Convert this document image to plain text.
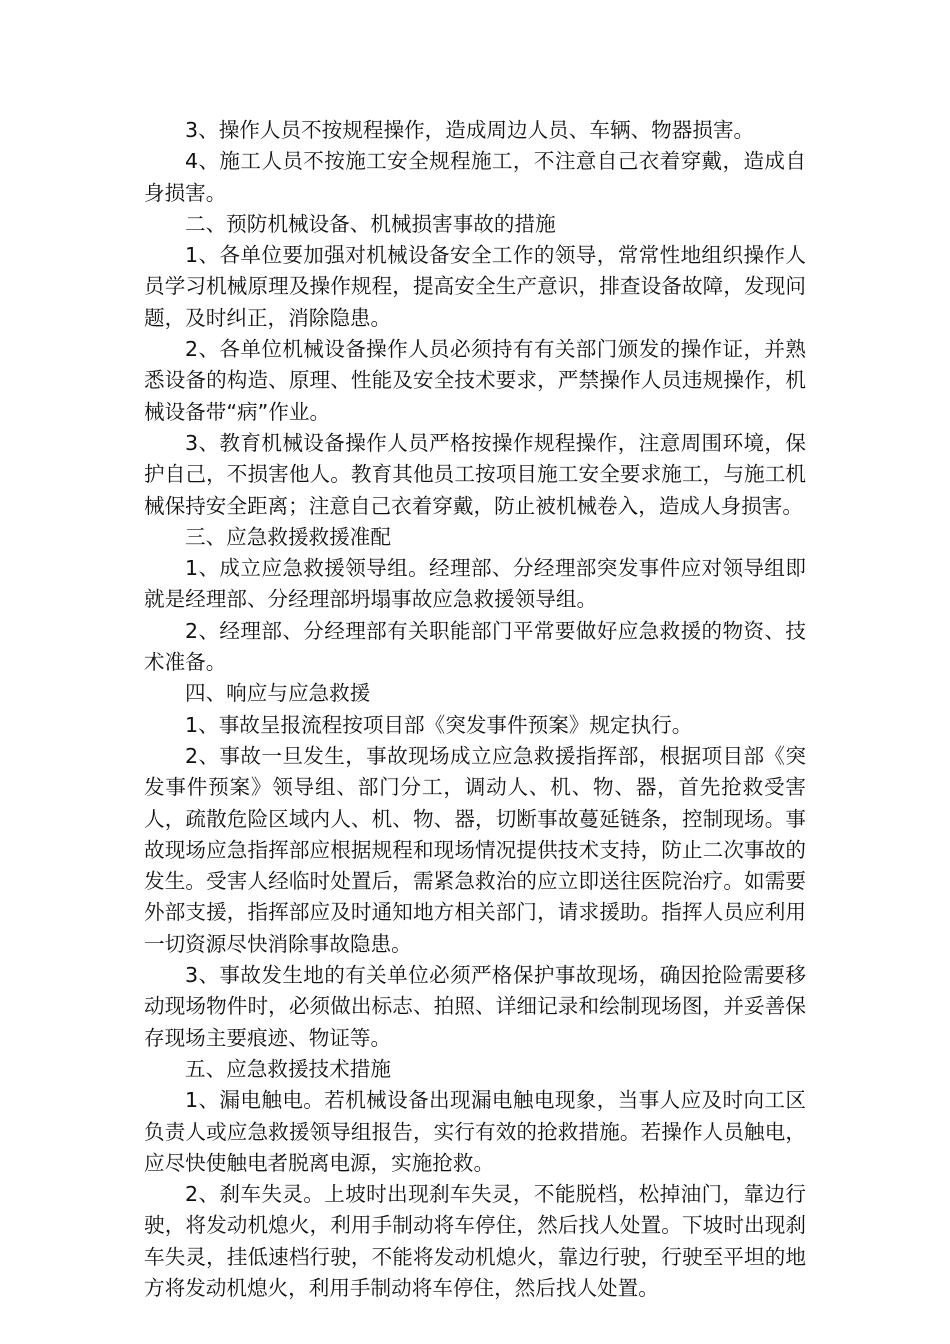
3、操作人员不按规程操作，造成周边人员、车辆、物器损害。

4、施工人员不按施工安全规程施工，不注意自己衣着穿戴，造成自身损害。

二、预防机械设备、机械损害事故的措施

1、各单位要加强对机械设备安全工作的领导，常常性地组织操作人员学习机械原理及操作规程，提高安全生产意识，排查设备故障，发现问题，及时纠正，消除隐患。

2、各单位机械设备操作人员必须持有有关部门颁发的操作证，并熟悉设备的构造、原理、性能及安全技术要求，严禁操作人员违规操作，机械设备带“病”作业。

3、教育机械设备操作人员严格按操作规程操作，注意周围环境，保护自己，不损害他人。教育其他员工按项目施工安全要求施工，与施工机械保持安全距离；注意自己衣着穿戴，防止被机械卷入，造成人身损害。

三、应急救援救援准配

1、成立应急救援领导组。经理部、分经理部突发事件应对领导组即就是经理部、分经理部坍塌事故应急救援领导组。

2、经理部、分经理部有关职能部门平常要做好应急救援的物资、技术准备。

四、响应与应急救援

1、事故呈报流程按项目部《突发事件预案》规定执行。

2、事故一旦发生，事故现场成立应急救援指挥部，根据项目部《突发事件预案》领导组、部门分工，调动人、机、物、器，首先抢救受害人，疏散危险区域内人、机、物、器，切断事故蔓延链条，控制现场。事故现场应急指挥部应根据规程和现场情况提供技术支持，防止二次事故的发生。受害人经临时处置后，需紧急救治的应立即送往医院治疗。如需要外部支援，指挥部应及时通知地方相关部门，请求援助。指挥人员应利用一切资源尽快消除事故隐患。

3、事故发生地的有关单位必须严格保护事故现场，确因抢险需要移动现场物件时，必须做出标志、拍照、详细记录和绘制现场图，并妥善保存现场主要痕迹、物证等。

五、应急救援技术措施

1、漏电触电。若机械设备出现漏电触电现象，当事人应及时向工区负责人或应急救援领导组报告，实行有效的抢救措施。若操作人员触电，应尽快使触电者脱离电源，实施抢救。

2、刹车失灵。上坡时出现刹车失灵，不能脱档，松掉油门，靠边行驶，将发动机熄火，利用手制动将车停住，然后找人处置。下坡时出现刹车失灵，挂低速档行驶，不能将发动机熄火，靠边行驶，行驶至平坦的地方将发动机熄火，利用手制动将车停住，然后找人处置。
